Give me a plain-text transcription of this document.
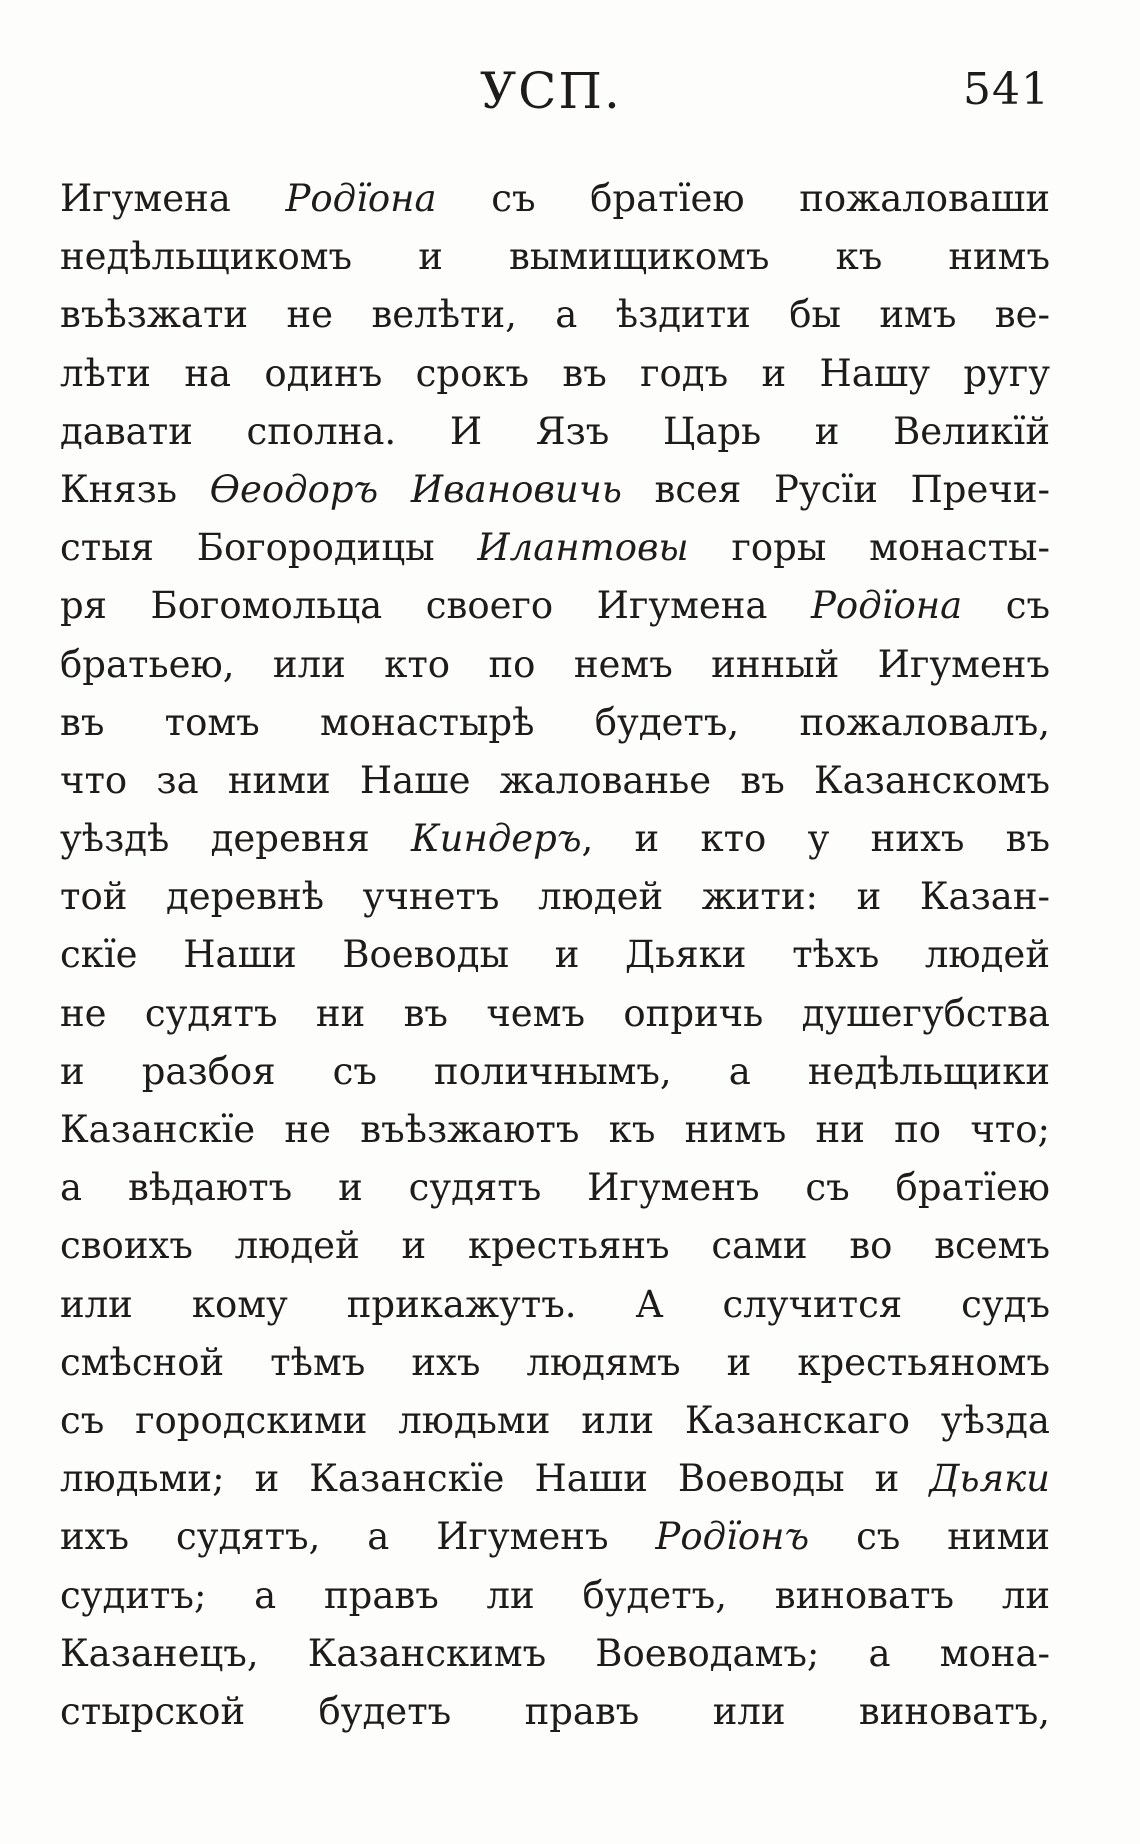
УСП.	541
Игумена Родїона съ братїею пожаловаши
недѣльщикомъ и вымищикомъ къ нимъ
въѣзжати не велѣти, а ѣздити бы имъ ве-
лѣти на одинъ срокъ въ годъ и Нашу ругу
давати сполна. И Язъ Царь и Великїй
Князь Өеодоръ Ивановичь всея Русїи Пречи-
стыя Богородицы Илантовы горы монасты-
ря Богомольца своего Игумена Родїона съ
братьею, или кто по немъ инный Игуменъ
въ томъ монастырѣ будетъ, пожаловалъ,
что за ними Наше жалованье въ Казанскомъ
уѣздѣ деревня Киндеръ, и кто у нихъ въ
той деревнѣ учнетъ людей жити: и Казан-
скїе Наши Воеводы и Дьяки тѣхъ людей
не судятъ ни въ чемъ опричь душегубства
и разбоя съ поличнымъ, а недѣльщики
Казанскїе не въѣзжаютъ къ нимъ ни по что;
а вѣдаютъ и судятъ Игуменъ съ братїею
своихъ людей и крестьянъ сами во всемъ
или кому прикажутъ. А случится судъ
смѣсной тѣмъ ихъ людямъ и крестьяномъ
съ городскими людьми или Казанскаго уѣзда
людьми; и Казанскїе Наши Воеводы и Дьяки
ихъ судятъ, а Игуменъ Родїонъ съ ними
судитъ; а правъ ли будетъ, виноватъ ли
Казанецъ, Казанскимъ Воеводамъ; а мона-
стырской будетъ правъ или виноватъ,
